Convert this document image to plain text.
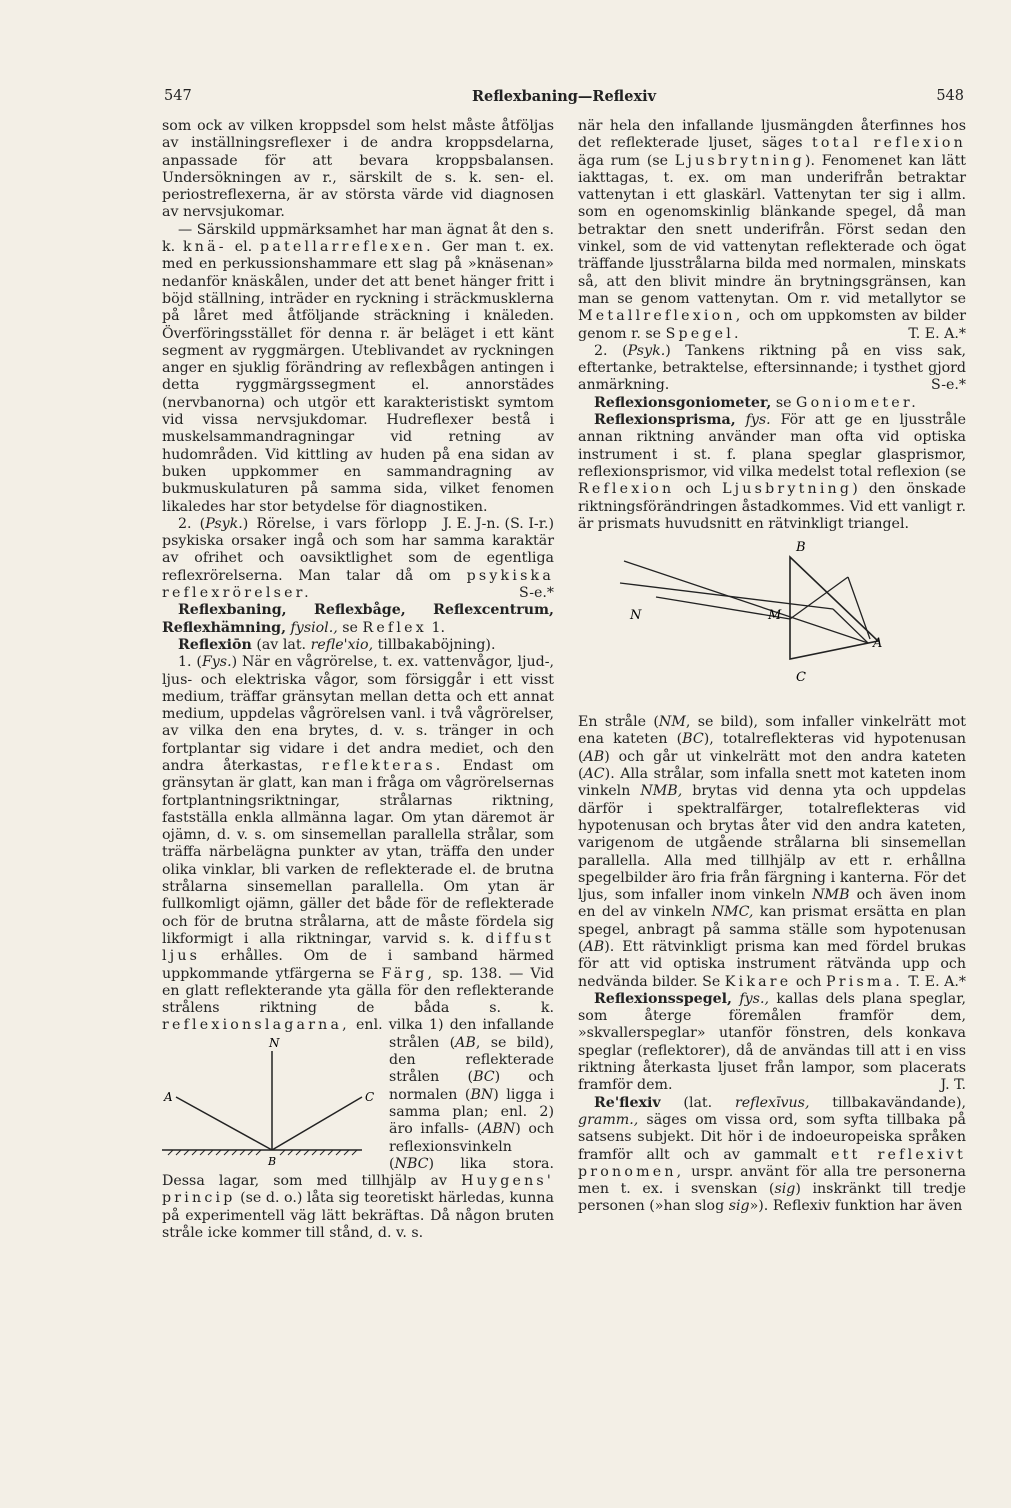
547	Reflexbaning—Reflexiv	548

som ock av vilken kroppsdel som helst måste åtföljas av inställningsreflexer i de andra kroppsdelarna, anpassade för att bevara kroppsbalansen. Undersökningen av r., särskilt de s. k. sen- el. periostreflexerna, är av största värde vid diagnosen av nervsjukomar.

— Särskild uppmärksamhet har man ägnat åt den s. k. knä- el. patellarreflexen. Ger man t. ex. med en perkussionshammare ett slag på »knäsenan» nedanför knäskålen, under det att benet hänger fritt i böjd ställning, inträder en ryckning i sträckmusklerna på låret med åtföljande sträckning i knäleden. Överföringsstället för denna r. är beläget i ett känt segment av ryggmärgen. Uteblivandet av ryckningen anger en sjuklig förändring av reflexbågen antingen i detta ryggmärgssegment el. annorstädes (nervbanorna) och utgör ett karakteristiskt symtom vid vissa nervsjukdomar. Hudreflexer bestå i muskelsammandragningar vid retning av hudområden. Vid kittling av huden på ena sidan av buken uppkommer en sammandragning av bukmuskulaturen på samma sida, vilket fenomen likaledes har stor betydelse för diagnostiken.
J. E. J-n. (S. I-r.)

2. (Psyk.) Rörelse, i vars förlopp psykiska orsaker ingå och som har samma karaktär av ofrihet och oavsiktlighet som de egentliga reflexrörelserna. Man talar då om psykiska reflexrörelser.	S-e.*

Reflexbaning, Reflexbåge, Reflexcentrum, Reflexhämning, fysiol., se Reflex 1.

Reflexiōn (av lat. refle'xio, tillbakaböjning).

1. (Fys.) När en vågrörelse, t. ex. vattenvågor, ljud-, ljus- och elektriska vågor, som försiggår i ett visst medium, träffar gränsytan mellan detta och ett annat medium, uppdelas vågrörelsen vanl. i två vågrörelser, av vilka den ena brytes, d. v. s. tränger in och fortplantar sig vidare i det andra mediet, och den andra återkastas, reflekteras. Endast om gränsytan är glatt, kan man i fråga om vågrörelsernas fortplantningsriktningar, strålarnas riktning, fastställa enkla allmänna lagar. Om ytan däremot är ojämn, d. v. s. om sinsemellan parallella strålar, som träffa närbelägna punkter av ytan, träffa den under olika vinklar, bli varken de reflekterade el. de brutna strålarna sinsemellan parallella. Om ytan är fullkomligt ojämn, gäller det både för de reflekterade och för de brutna strålarna, att de måste fördela sig likformigt i alla riktningar, varvid s. k. diffust ljus erhålles. Om de i samband härmed uppkommande ytfärgerna se Färg, sp. 138. — Vid en glatt reflekterande yta gälla för den reflekterande strålens riktning de båda s. k. reflexionslagarna,
N
A	C
B
enl. vilka 1) den infallande strålen (AB, se bild), den reflekterade strålen (BC) och normalen (BN) ligga i samma plan; enl. 2) äro infalls- (ABN) och reflexionsvinkeln (NBC) lika stora. Dessa lagar, som med tillhjälp av Huygens' princip (se d. o.) låta sig teoretiskt härledas, kunna på experimentell väg lätt bekräftas. Då någon bruten stråle icke kommer till stånd, d. v. s.

när hela den infallande ljusmängden återfinnes hos det reflekterade ljuset, säges total reflexion äga rum (se Ljusbrytning). Fenomenet kan lätt iakttagas, t. ex. om man underifrån betraktar vattenytan i ett glaskärl. Vattenytan ter sig i allm. som en ogenomskinlig blänkande spegel, då man betraktar den snett underifrån. Först sedan den vinkel, som de vid vattenytan reflekterade och ögat träffande ljusstrålarna bilda med normalen, minskats så, att den blivit mindre än brytningsgränsen, kan man se genom vattenytan. Om r. vid metallytor se Metallreflexion, och om uppkomsten av bilder genom r. se Spegel.	T. E. A.*

2. (Psyk.) Tankens riktning på en viss sak, eftertanke, betraktelse, eftersinnande; i tysthet gjord anmärkning.	S-e.*

Reflexionsgoniometer, se Goniometer.

Reflexionsprisma, fys. För att ge en ljusstråle annan riktning använder man ofta vid optiska instrument i st. f. plana speglar glasprismor, reflexionsprismor, vid vilka medelst total reflexion (se Reflexion och Ljusbrytning) den önskade riktningsförändringen åstadkommes. Vid ett vanligt r. är prismats huvudsnitt en rätvinkligt triangel.

B
C
N	M
A

En stråle (NM, se bild), som infaller vinkelrätt mot ena kateten (BC), totalreflekteras vid hypotenusan (AB) och går ut vinkelrätt mot den andra kateten (AC). Alla strålar, som infalla snett mot kateten inom vinkeln NMB, brytas vid denna yta och uppdelas därför i spektralfärger, totalreflekteras vid hypotenusan och brytas åter vid den andra kateten, varigenom de utgående strålarna bli sinsemellan parallella. Alla med tillhjälp av ett r. erhållna spegelbilder äro fria från färgning i kanterna. För det ljus, som infaller inom vinkeln NMB och även inom en del av vinkeln NMC, kan prismat ersätta en plan spegel, anbragt på samma ställe som hypotenusan (AB). Ett rätvinkligt prisma kan med fördel brukas för att vid optiska instrument rätvända upp och nedvända bilder. Se Kikare och Prisma. T. E. A.*

Reflexionsspegel, fys., kallas dels plana speglar, som återge föremålen framför dem, »skvallerspeglar» utanför fönstren, dels konkava speglar (reflektorer), då de användas till att i en viss riktning återkasta ljuset från lampor, som placerats framför dem.	J. T.

Re'flexiv (lat. reflexīvus, tillbakavändande), gramm., säges om vissa ord, som syfta tillbaka på satsens subjekt. Dit hör i de indoeuropeiska språken framför allt och av gammalt ett reflexivt pronomen, urspr. använt för alla tre personerna men t. ex. i svenskan (sig) inskränkt till tredje personen (»han slog sig»). Reflexiv funktion har även
